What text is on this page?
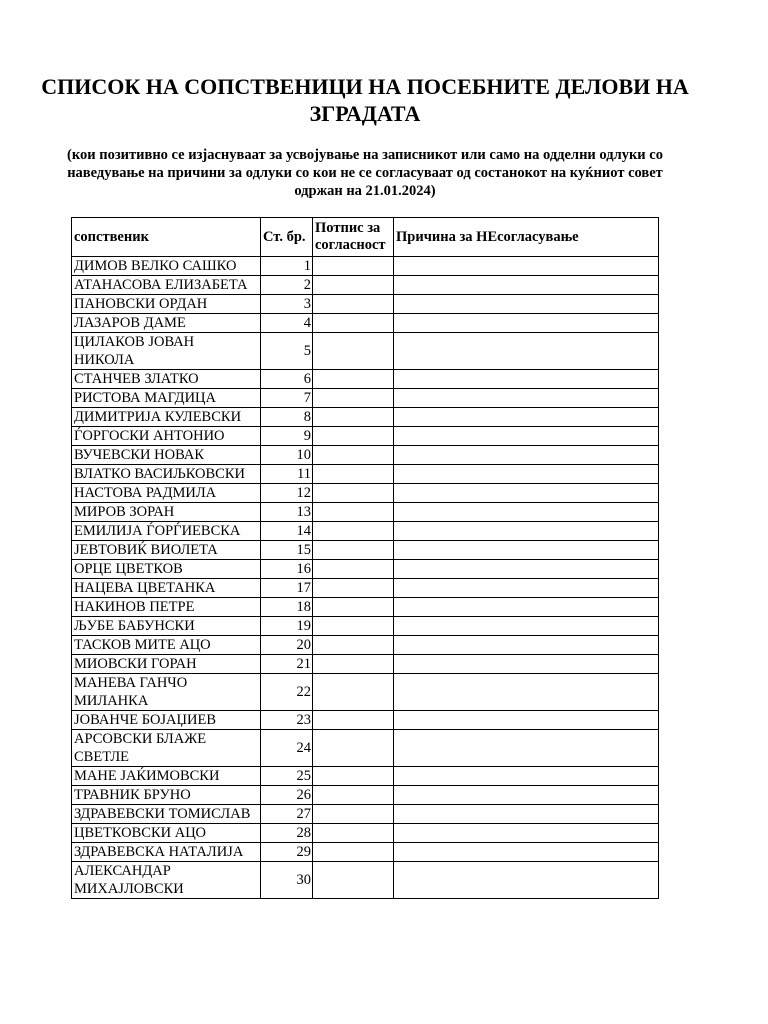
СПИСОК НА СОПСТВЕНИЦИ НА ПОСЕБНИТЕ ДЕЛОВИ НА ЗГРАДАТА
(кои позитивно се изјаснуваат за усвојување на записникот или само на одделни одлуки со наведување на причини за одлуки со кои не се согласуваат од состанокот на куќниот совет одржан на 21.01.2024)
сопственик	Ст. бр.	Потпис за согласност	Причина за НЕсогласување
ДИМОВ ВЕЛКО САШКО	1		
АТАНАСОВА ЕЛИЗАБЕТА	2		
ПАНОВСКИ ОРДАН	3		
ЛАЗАРОВ ДАМЕ	4		
ЦИЛАКОВ ЈОВАН НИКОЛА	5		
СТАНЧЕВ ЗЛАТКО	6		
РИСТОВА МАГДИЦА	7		
ДИМИТРИЈА КУЛЕВСКИ	8		
ЃОРГОСКИ АНТОНИО	9		
ВУЧЕВСКИ НОВАК	10		
ВЛАТКО ВАСИЉКОВСКИ	11		
НАСТОВА РАДМИЛА	12		
МИРОВ ЗОРАН	13		
ЕМИЛИЈА ЃОРЃИЕВСКА	14		
ЈЕВТОВИЌ ВИОЛЕТА	15		
ОРЦЕ ЦВЕТКОВ	16		
НАЦЕВА ЦВЕТАНКА	17		
НАКИНОВ ПЕТРЕ	18		
ЉУБЕ БАБУНСКИ	19		
ТАСКОВ МИТЕ АЦО	20		
МИОВСКИ ГОРАН	21		
МАНЕВА ГАНЧО МИЛАНКА	22		
ЈОВАНЧЕ БОЈАЏИЕВ	23		
АРСОВСКИ БЛАЖЕ СВЕТЛЕ	24		
МАНЕ ЈАЌИМОВСКИ	25		
ТРАВНИК БРУНО	26		
ЗДРАВЕВСКИ ТОМИСЛАВ	27		
ЦВЕТКОВСКИ АЦО	28		
ЗДРАВЕВСКА НАТАЛИЈА	29		
АЛЕКСАНДАР МИХАЈЛОВСКИ	30		
